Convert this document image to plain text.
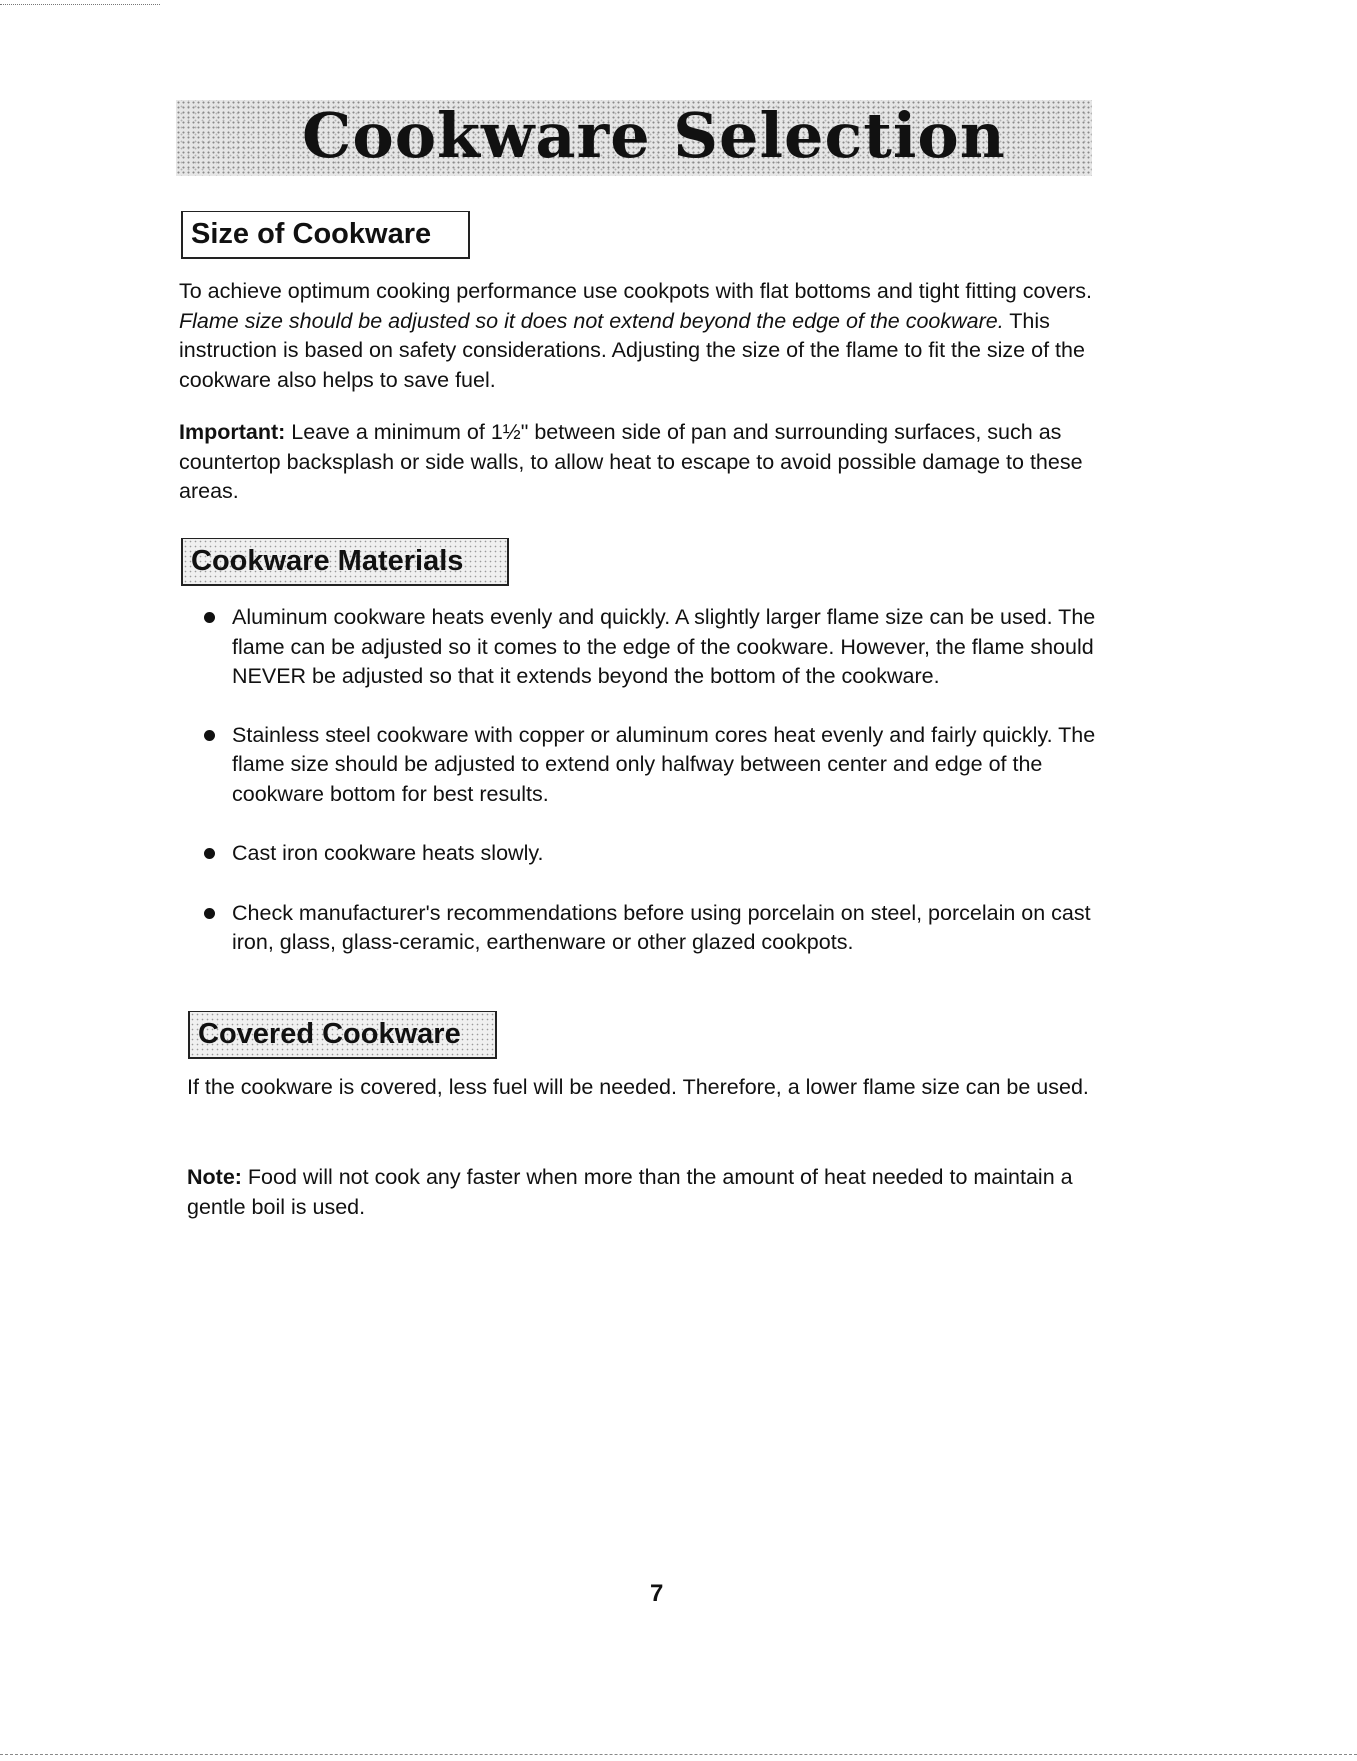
Cookware Selection
Size of Cookware

To achieve optimum cooking performance use cookpots with flat bottoms and tight fitting covers. Flame size should be adjusted so it does not extend beyond the edge of the cookware. This instruction is based on safety considerations. Adjusting the size of the flame to fit the size of the cookware also helps to save fuel.

Important: Leave a minimum of 1½" between side of pan and surrounding surfaces, such as countertop backsplash or side walls, to allow heat to escape to avoid possible damage to these areas.

Cookware Materials
Aluminum cookware heats evenly and quickly. A slightly larger flame size can be used. The flame can be adjusted so it comes to the edge of the cookware. However, the flame should NEVER be adjusted so that it extends beyond the bottom of the cookware.
Stainless steel cookware with copper or aluminum cores heat evenly and fairly quickly. The flame size should be adjusted to extend only halfway between center and edge of the cookware bottom for best results.
Cast iron cookware heats slowly.
Check manufacturer's recommendations before using porcelain on steel, porcelain on cast iron, glass, glass-ceramic, earthenware or other glazed cookpots.
Covered Cookware

If the cookware is covered, less fuel will be needed. Therefore, a lower flame size can be used.

Note: Food will not cook any faster when more than the amount of heat needed to maintain a gentle boil is used.

7
